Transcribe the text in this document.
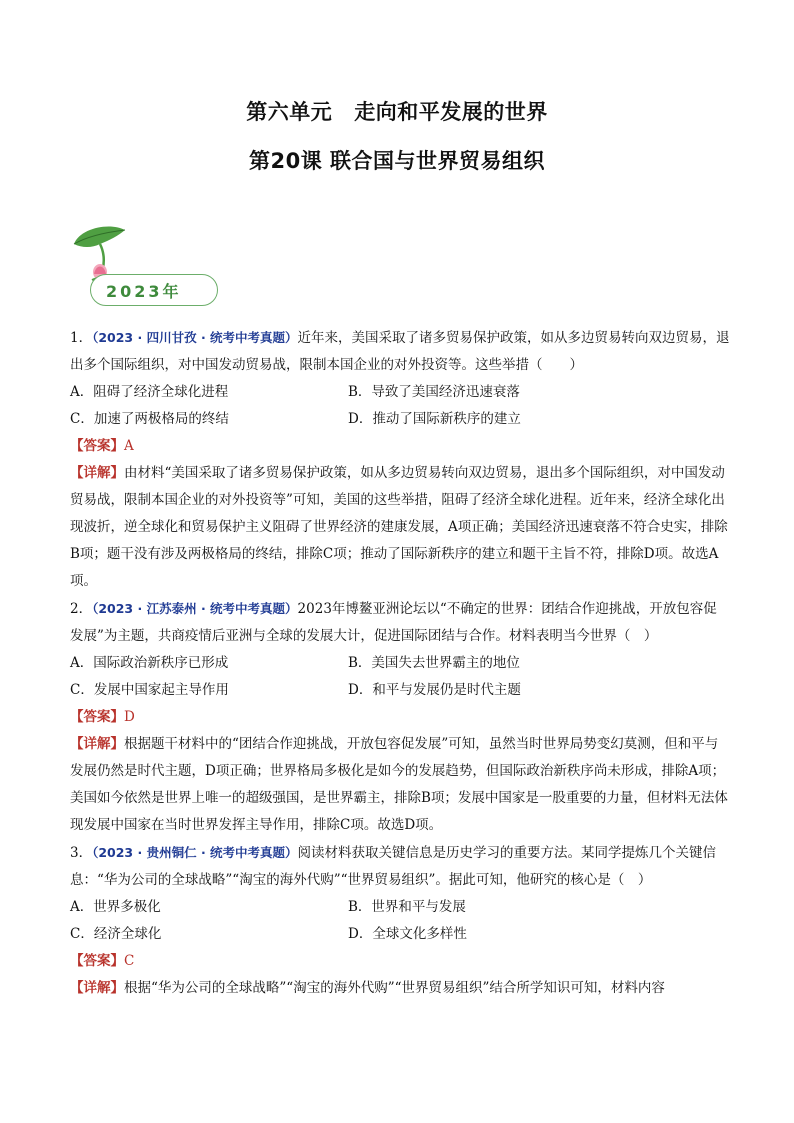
第六单元 走向和平发展的世界
第20课 联合国与世界贸易组织
2023年

1．（2023 · 四川甘孜 · 统考中考真题）近年来，美国采取了诸多贸易保护政策，如从多边贸易转向双边贸易，退出多个国际组织，对中国发动贸易战，限制本国企业的对外投资等。这些举措（　　）

A．阻碍了经济全球化进程	B．导致了美国经济迅速衰落
C．加速了两极格局的终结	D．推动了国际新秩序的建立

【答案】A

【详解】由材料“美国采取了诸多贸易保护政策，如从多边贸易转向双边贸易，退出多个国际组织，对中国发动贸易战，限制本国企业的对外投资等”可知，美国的这些举措，阻碍了经济全球化进程。近年来，经济全球化出现波折，逆全球化和贸易保护主义阻碍了世界经济的建康发展，A项正确；美国经济迅速衰落不符合史实，排除B项；题干没有涉及两极格局的终结，排除C项；推动了国际新秩序的建立和题干主旨不符，排除D项。故选A项。

2．（2023 · 江苏泰州 · 统考中考真题）2023年博鳌亚洲论坛以“不确定的世界：团结合作迎挑战，开放包容促发展”为主题，共商疫情后亚洲与全球的发展大计，促进国际团结与合作。材料表明当今世界（　）

A．国际政治新秩序已形成	B．美国失去世界霸主的地位
C．发展中国家起主导作用	D．和平与发展仍是时代主题

【答案】D

【详解】根据题干材料中的“团结合作迎挑战，开放包容促发展”可知，虽然当时世界局势变幻莫测，但和平与发展仍然是时代主题，D项正确；世界格局多极化是如今的发展趋势，但国际政治新秩序尚未形成，排除A项；美国如今依然是世界上唯一的超级强国，是世界霸主，排除B项；发展中国家是一股重要的力量，但材料无法体现发展中国家在当时世界发挥主导作用，排除C项。故选D项。

3．（2023 · 贵州铜仁 · 统考中考真题）阅读材料获取关键信息是历史学习的重要方法。某同学提炼几个关键信息：“华为公司的全球战略”“淘宝的海外代购”“世界贸易组织”。据此可知，他研究的核心是（　）

A．世界多极化	B．世界和平与发展
C．经济全球化	D．全球文化多样性

【答案】C

【详解】根据“华为公司的全球战略”“淘宝的海外代购”“世界贸易组织”结合所学知识可知，材料内容
